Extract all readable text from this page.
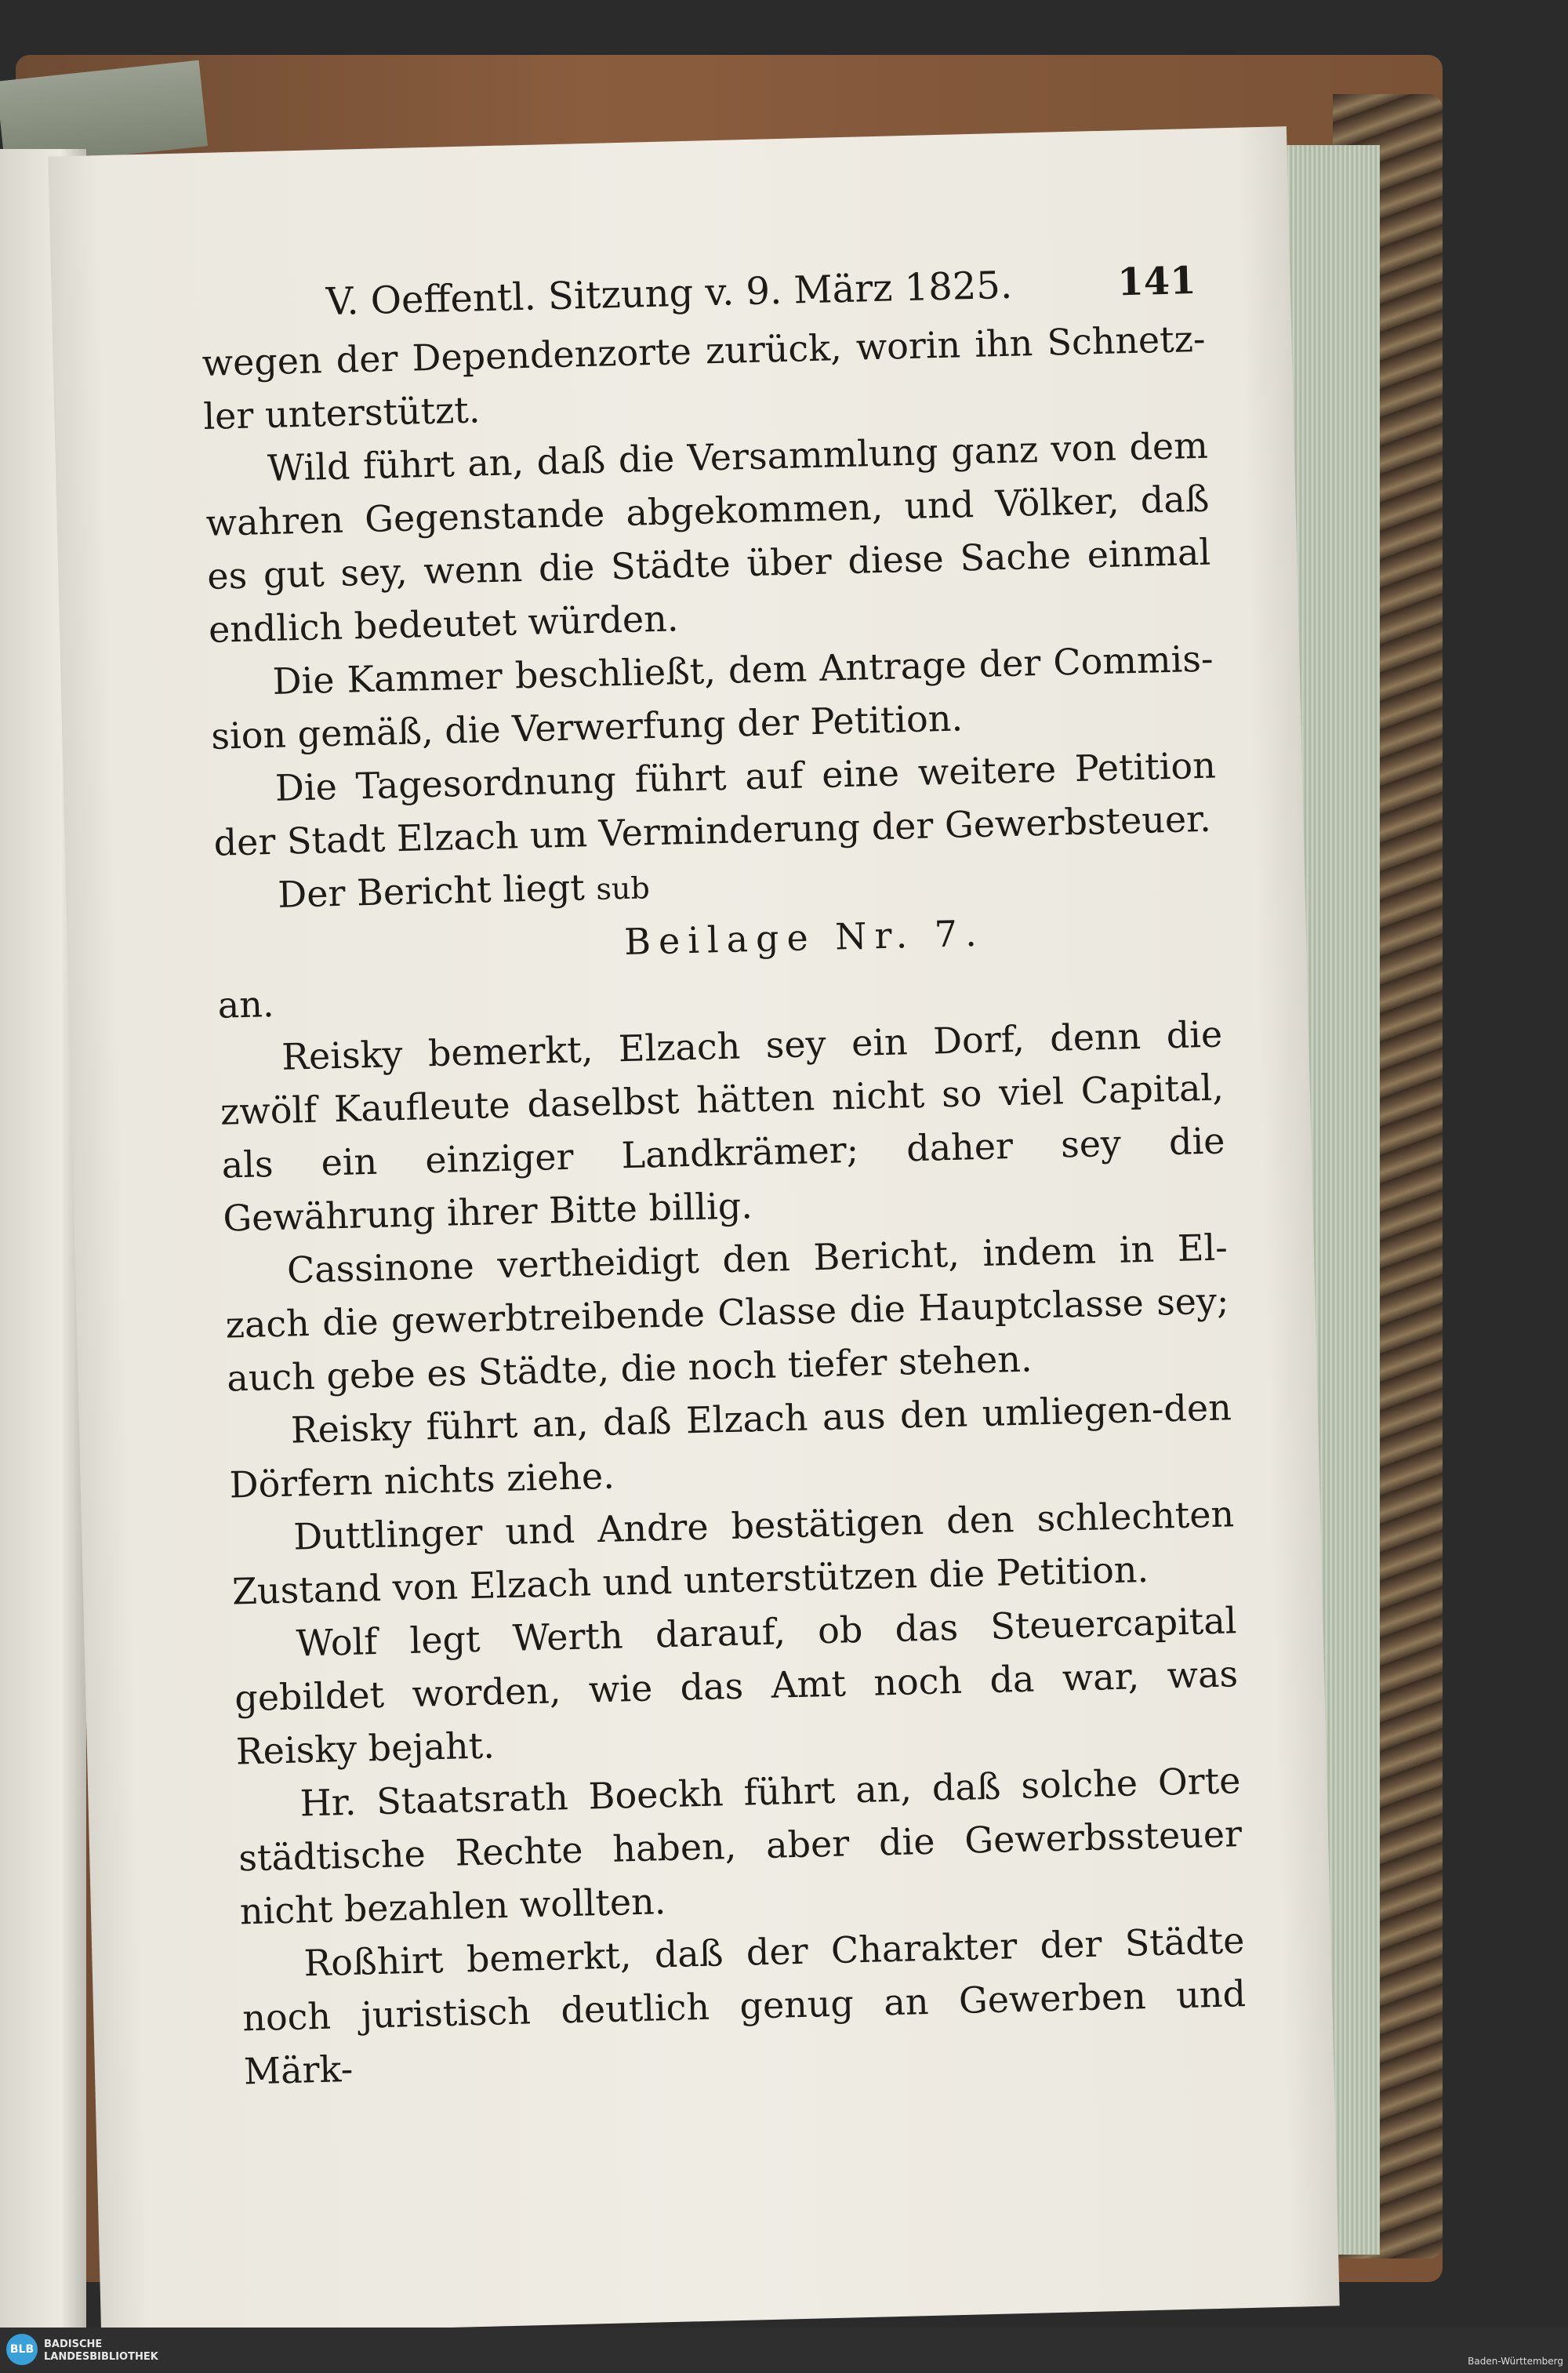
V. Oeffentl. Sitzung v. 9. März 1825.	141

wegen der Dependenzorte zurück, worin ihn Schnetz-ler unterstützt.

Wild führt an, daß die Versammlung ganz von dem wahren Gegenstande abgekommen, und Völker, daß es gut sey, wenn die Städte über diese Sache einmal endlich bedeutet würden.

Die Kammer beschließt, dem Antrage der Commis-sion gemäß, die Verwerfung der Petition.

Die Tagesordnung führt auf eine weitere Petition der Stadt Elzach um Verminderung der Gewerbsteuer.

Der Bericht liegt sub

Beilage Nr. 7.

an.

Reisky bemerkt, Elzach sey ein Dorf, denn die zwölf Kaufleute daselbst hätten nicht so viel Capital, als ein einziger Landkrämer; daher sey die Gewährung ihrer Bitte billig.

Cassinone vertheidigt den Bericht, indem in El-zach die gewerbtreibende Classe die Hauptclasse sey; auch gebe es Städte, die noch tiefer stehen.

Reisky führt an, daß Elzach aus den umliegen-den Dörfern nichts ziehe.

Duttlinger und Andre bestätigen den schlechten Zustand von Elzach und unterstützen die Petition.

Wolf legt Werth darauf, ob das Steuercapital gebildet worden, wie das Amt noch da war, was Reisky bejaht.

Hr. Staatsrath Boeckh führt an, daß solche Orte städtische Rechte haben, aber die Gewerbssteuer nicht bezahlen wollten.

Roßhirt bemerkt, daß der Charakter der Städte noch juristisch deutlich genug an Gewerben und Märk-

BLB BADISCHE
LANDESBIBLIOTHEK	Baden-Württemberg
